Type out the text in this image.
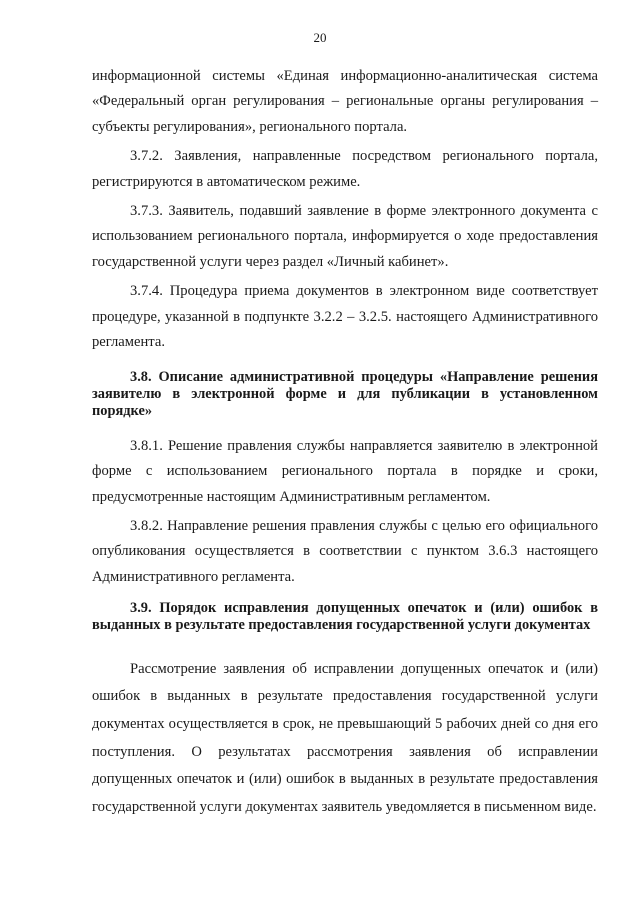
20

информационной системы «Единая информационно-аналитическая система «Федеральный орган регулирования – региональные органы регулирования – субъекты регулирования», регионального портала.

3.7.2. Заявления, направленные посредством регионального портала, регистрируются в автоматическом режиме.

3.7.3. Заявитель, подавший заявление в форме электронного документа с использованием регионального портала, информируется о ходе предоставления государственной услуги через раздел «Личный кабинет».

3.7.4. Процедура приема документов в электронном виде соответствует процедуре, указанной в подпункте 3.2.2 – 3.2.5. настоящего Административного регламента.

3.8. Описание административной процедуры «Направление решения заявителю в электронной форме и для публикации в установленном порядке»

3.8.1. Решение правления службы направляется заявителю в электронной форме с использованием регионального портала в порядке и сроки, предусмотренные настоящим Административным регламентом.

3.8.2. Направление решения правления службы с целью его официального опубликования осуществляется в соответствии с пунктом 3.6.3 настоящего Административного регламента.

3.9. Порядок исправления допущенных опечаток и (или) ошибок в выданных в результате предоставления государственной услуги документах

Рассмотрение заявления об исправлении допущенных опечаток и (или) ошибок в выданных в результате предоставления государственной услуги документах осуществляется в срок, не превышающий 5 рабочих дней со дня его поступления. О результатах рассмотрения заявления об исправлении допущенных опечаток и (или) ошибок в выданных в результате предоставления государственной услуги документах заявитель уведомляется в письменном виде.
